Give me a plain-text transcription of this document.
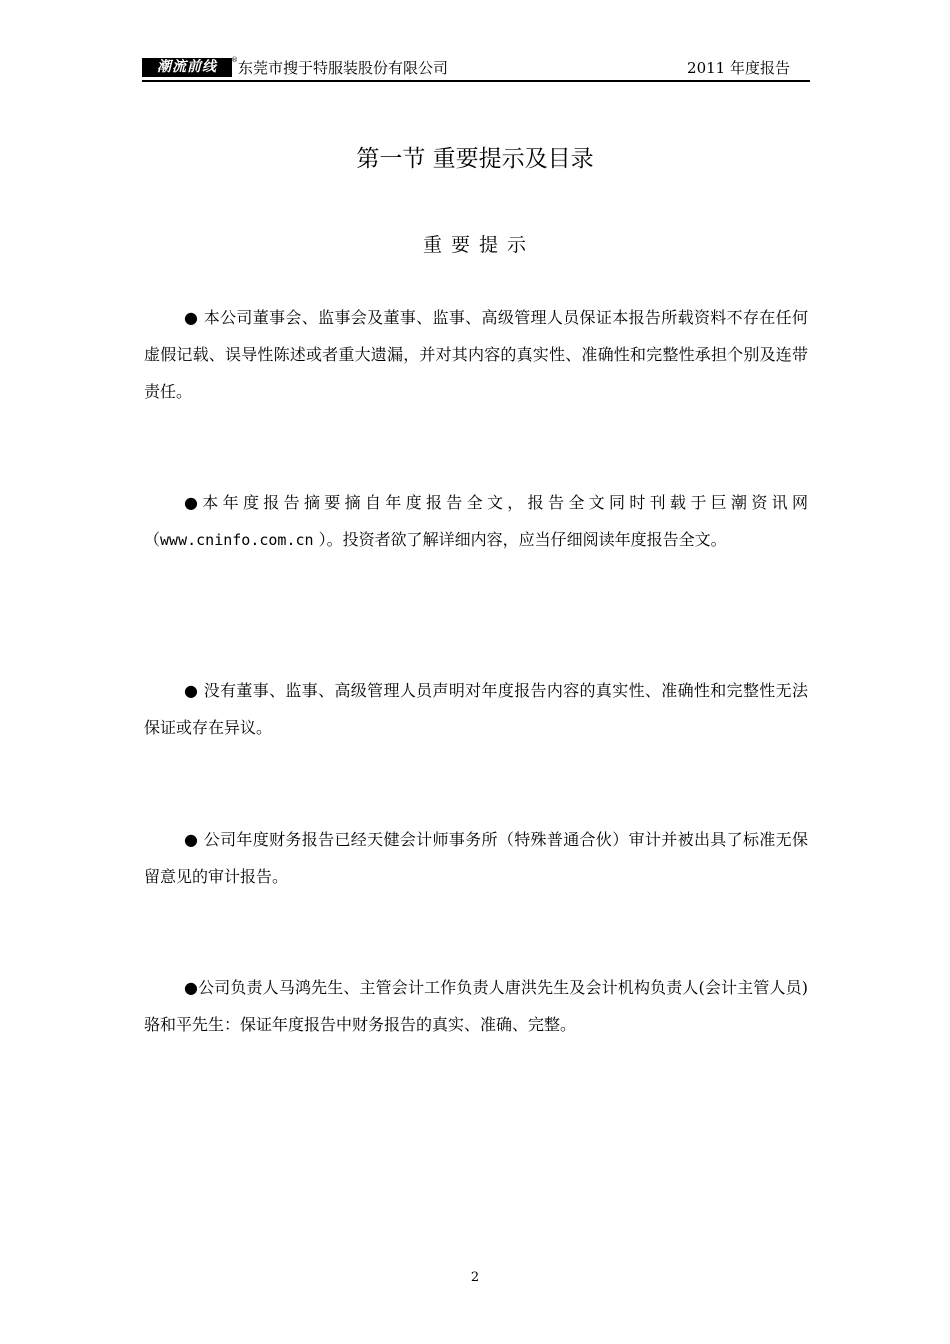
潮流前线	® 东莞市搜于特服装股份有限公司	2011 年度报告
第一节 重要提示及目录
重要提示
● 本公司董事会、监事会及董事、监事、高级管理人员保证本报告所载资料不存在任何虚假记载、误导性陈述或者重大遗漏，并对其内容的真实性、准确性和完整性承担个别及连带责任。
●本年度报告摘要摘自年度报告全文，报告全文同时刊载于巨潮资讯网（www.cninfo.com.cn ）。投资者欲了解详细内容，应当仔细阅读年度报告全文。
● 没有董事、监事、高级管理人员声明对年度报告内容的真实性、准确性和完整性无法保证或存在异议。
● 公司年度财务报告已经天健会计师事务所（特殊普通合伙）审计并被出具了标准无保留意见的审计报告。
●公司负责人马鸿先生、主管会计工作负责人唐洪先生及会计机构负责人(会计主管人员)骆和平先生：保证年度报告中财务报告的真实、准确、完整。
2
